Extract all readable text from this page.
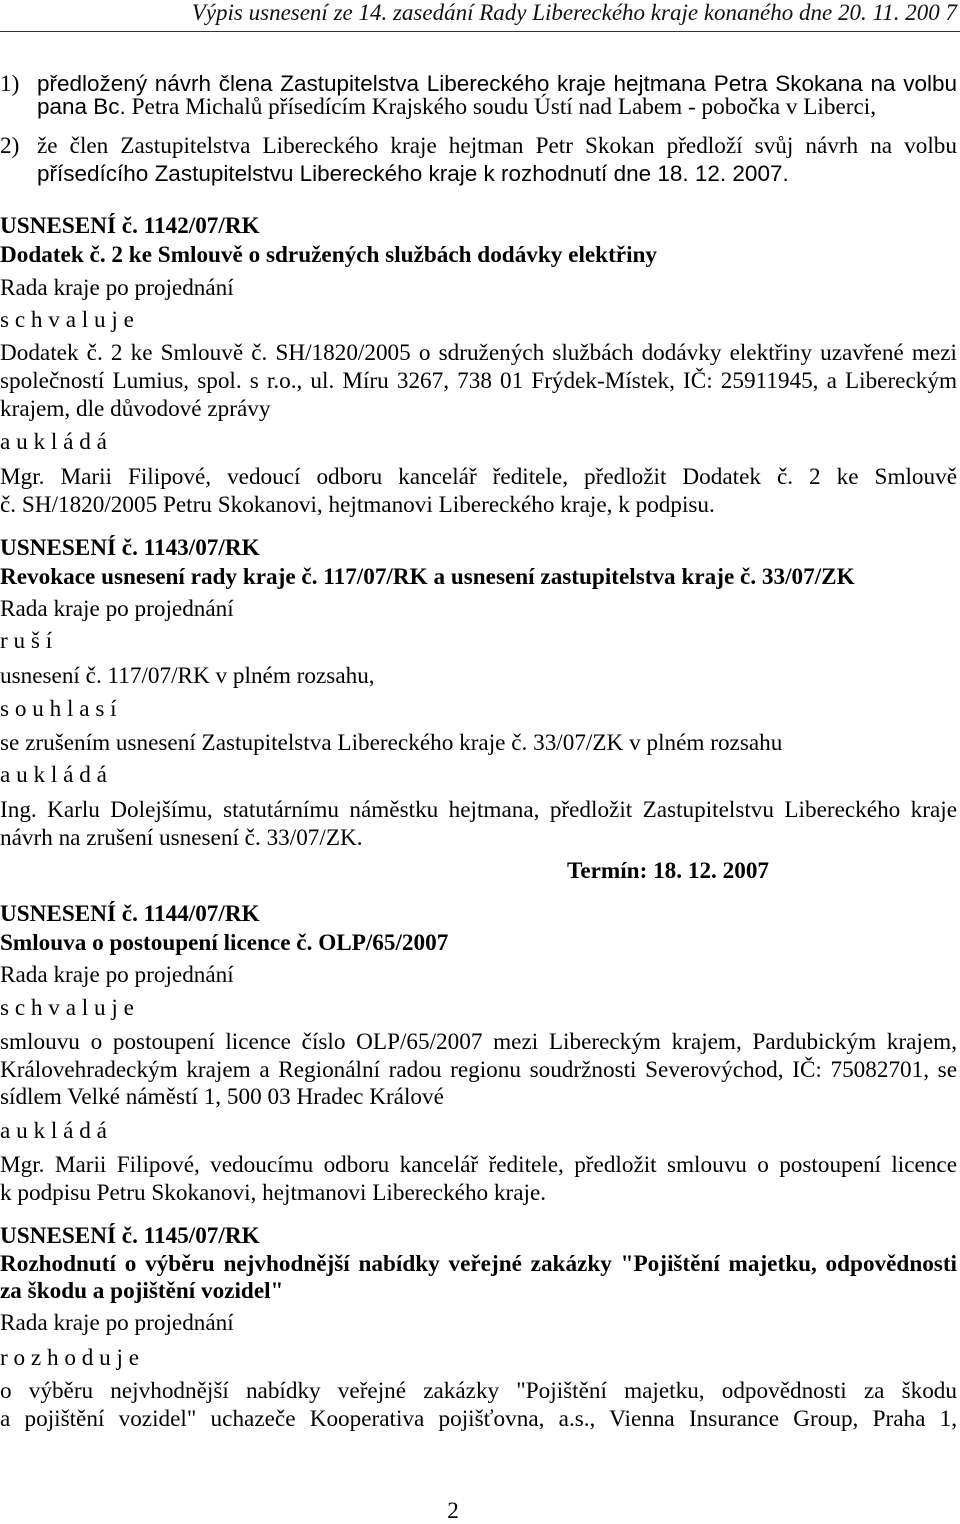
Výpis usnesení ze 14. zasedání Rady Libereckého kraje konaného dne 20. 11. 200 7
1) předložený návrh člena Zastupitelstva Libereckého kraje hejtmana Petra Skokana na volbu
pana Bc. Petra Michalů přísedícím Krajského soudu Ústí nad Labem - pobočka v Liberci,
2) že člen Zastupitelstva Libereckého kraje hejtman Petr Skokan předloží svůj návrh na volbu
přísedícího Zastupitelstvu Libereckého kraje k rozhodnutí dne 18. 12. 2007.
USNESENÍ č. 1142/07/RK
Dodatek č. 2 ke Smlouvě o sdružených službách dodávky elektřiny
Rada kraje po projednání
s c h v a l u j e
Dodatek č. 2 ke Smlouvě č. SH/1820/2005 o sdružených službách dodávky elektřiny uzavřené mezi
společností Lumius, spol. s r.o., ul. Míru 3267, 738 01 Frýdek-Místek, IČ: 25911945, a Libereckým
krajem, dle důvodové zprávy
a u k l á d á
Mgr. Marii Filipové, vedoucí odboru kancelář ředitele, předložit Dodatek č. 2 ke Smlouvě
č. SH/1820/2005 Petru Skokanovi, hejtmanovi Libereckého kraje, k podpisu.
USNESENÍ č. 1143/07/RK
Revokace usnesení rady kraje č. 117/07/RK a usnesení zastupitelstva kraje č. 33/07/ZK
Rada kraje po projednání
r u š í
usnesení č. 117/07/RK v plném rozsahu,
s o u h l a s í
se zrušením usnesení Zastupitelstva Libereckého kraje č. 33/07/ZK v plném rozsahu
a u k l á d á
Ing. Karlu Dolejšímu, statutárnímu náměstku hejtmana, předložit Zastupitelstvu Libereckého kraje
návrh na zrušení usnesení č. 33/07/ZK.
Termín: 18. 12. 2007
USNESENÍ č. 1144/07/RK
Smlouva o postoupení licence č. OLP/65/2007
Rada kraje po projednání
s c h v a l u j e
smlouvu o postoupení licence číslo OLP/65/2007 mezi Libereckým krajem, Pardubickým krajem,
Královehradeckým krajem a Regionální radou regionu soudržnosti Severovýchod, IČ: 75082701, se
sídlem Velké náměstí 1, 500 03 Hradec Králové
a u k l á d á
Mgr. Marii Filipové, vedoucímu odboru kancelář ředitele, předložit smlouvu o postoupení licence
k podpisu Petru Skokanovi, hejtmanovi Libereckého kraje.
USNESENÍ č. 1145/07/RK
Rozhodnutí o výběru nejvhodnější nabídky veřejné zakázky "Pojištění majetku, odpovědnosti
za škodu a pojištění vozidel"
Rada kraje po projednání
r o z h o d u j e
o výběru nejvhodnější nabídky veřejné zakázky "Pojištění majetku, odpovědnosti za škodu
a pojištění vozidel" uchazeče Kooperativa pojišťovna, a.s., Vienna Insurance Group, Praha 1,
2
